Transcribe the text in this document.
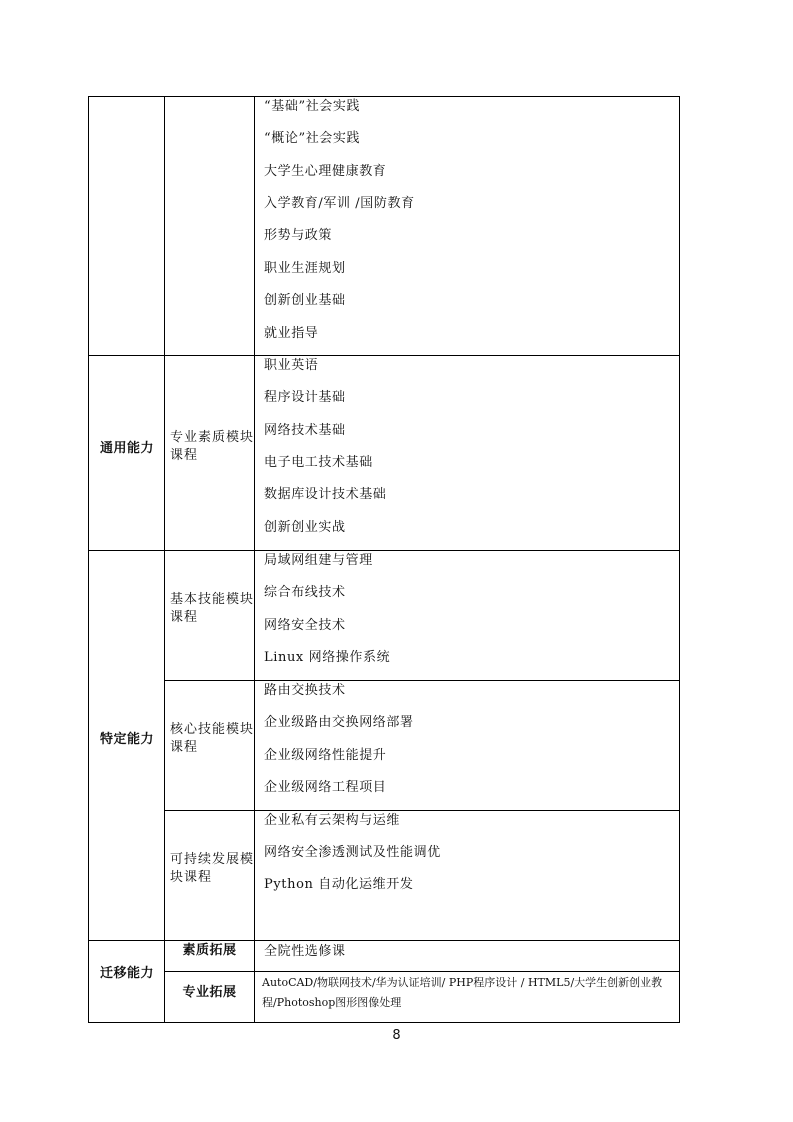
“基础”社会实践
“概论”社会实践
大学生心理健康教育
入学教育/军训 /国防教育
形势与政策
职业生涯规划
创新创业基础
就业指导
通用能力
专业素质模块课程
职业英语
程序设计基础
网络技术基础
电子电工技术基础
数据库设计技术基础
创新创业实战
特定能力
基本技能模块课程
局域网组建与管理
综合布线技术
网络安全技术
Linux 网络操作系统
核心技能模块课程
路由交换技术
企业级路由交换网络部署
企业级网络性能提升
企业级网络工程项目
可持续发展模块课程
企业私有云架构与运维
网络安全渗透测试及性能调优
Python 自动化运维开发
迁移能力
素质拓展	全院性选修课
专业拓展
AutoCAD/物联网技术/华为认证培训/ PHP程序设计 / HTML5/大学生创新创业教程/Photoshop图形图像处理
8
